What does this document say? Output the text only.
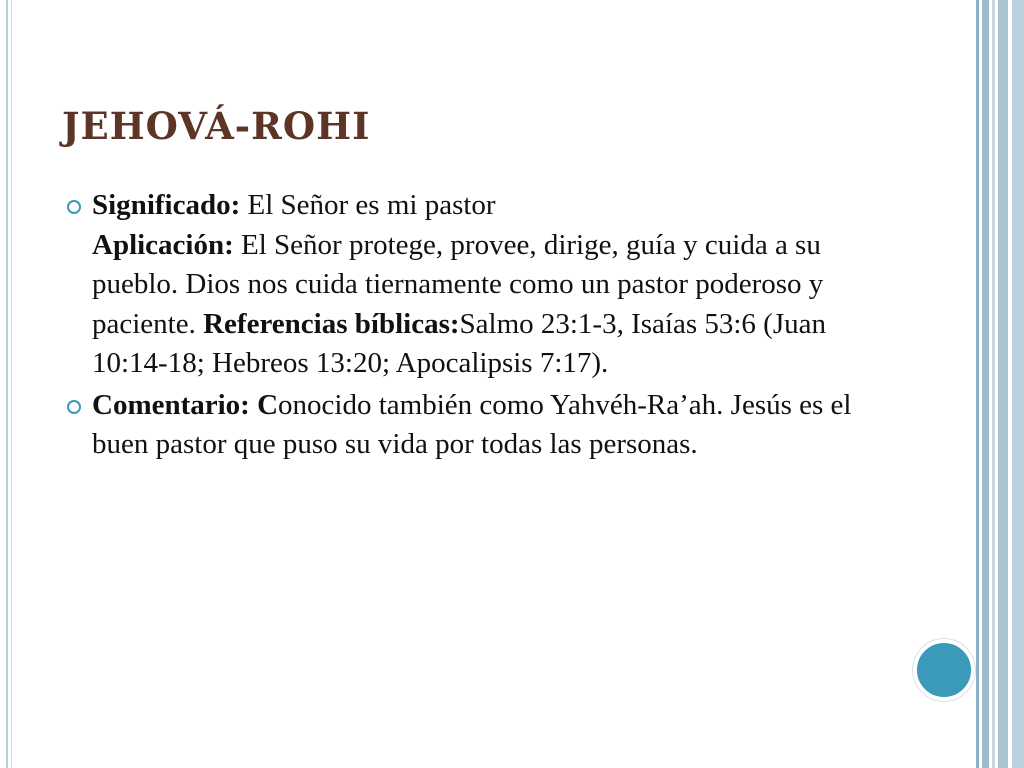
JEHOVÁ-ROHI
Significado: El Señor es mi pastor
Aplicación: El Señor protege, provee, dirige, guía y cuida a su pueblo. Dios nos cuida tiernamente como un pastor poderoso y paciente. Referencias bíblicas:Salmo 23:1-3, Isaías 53:6 (Juan 10:14-18; Hebreos 13:20; Apocalipsis 7:17).
Comentario: Conocido también como Yahvéh-Ra’ah. Jesús es el buen pastor que puso su vida por todas las personas.
